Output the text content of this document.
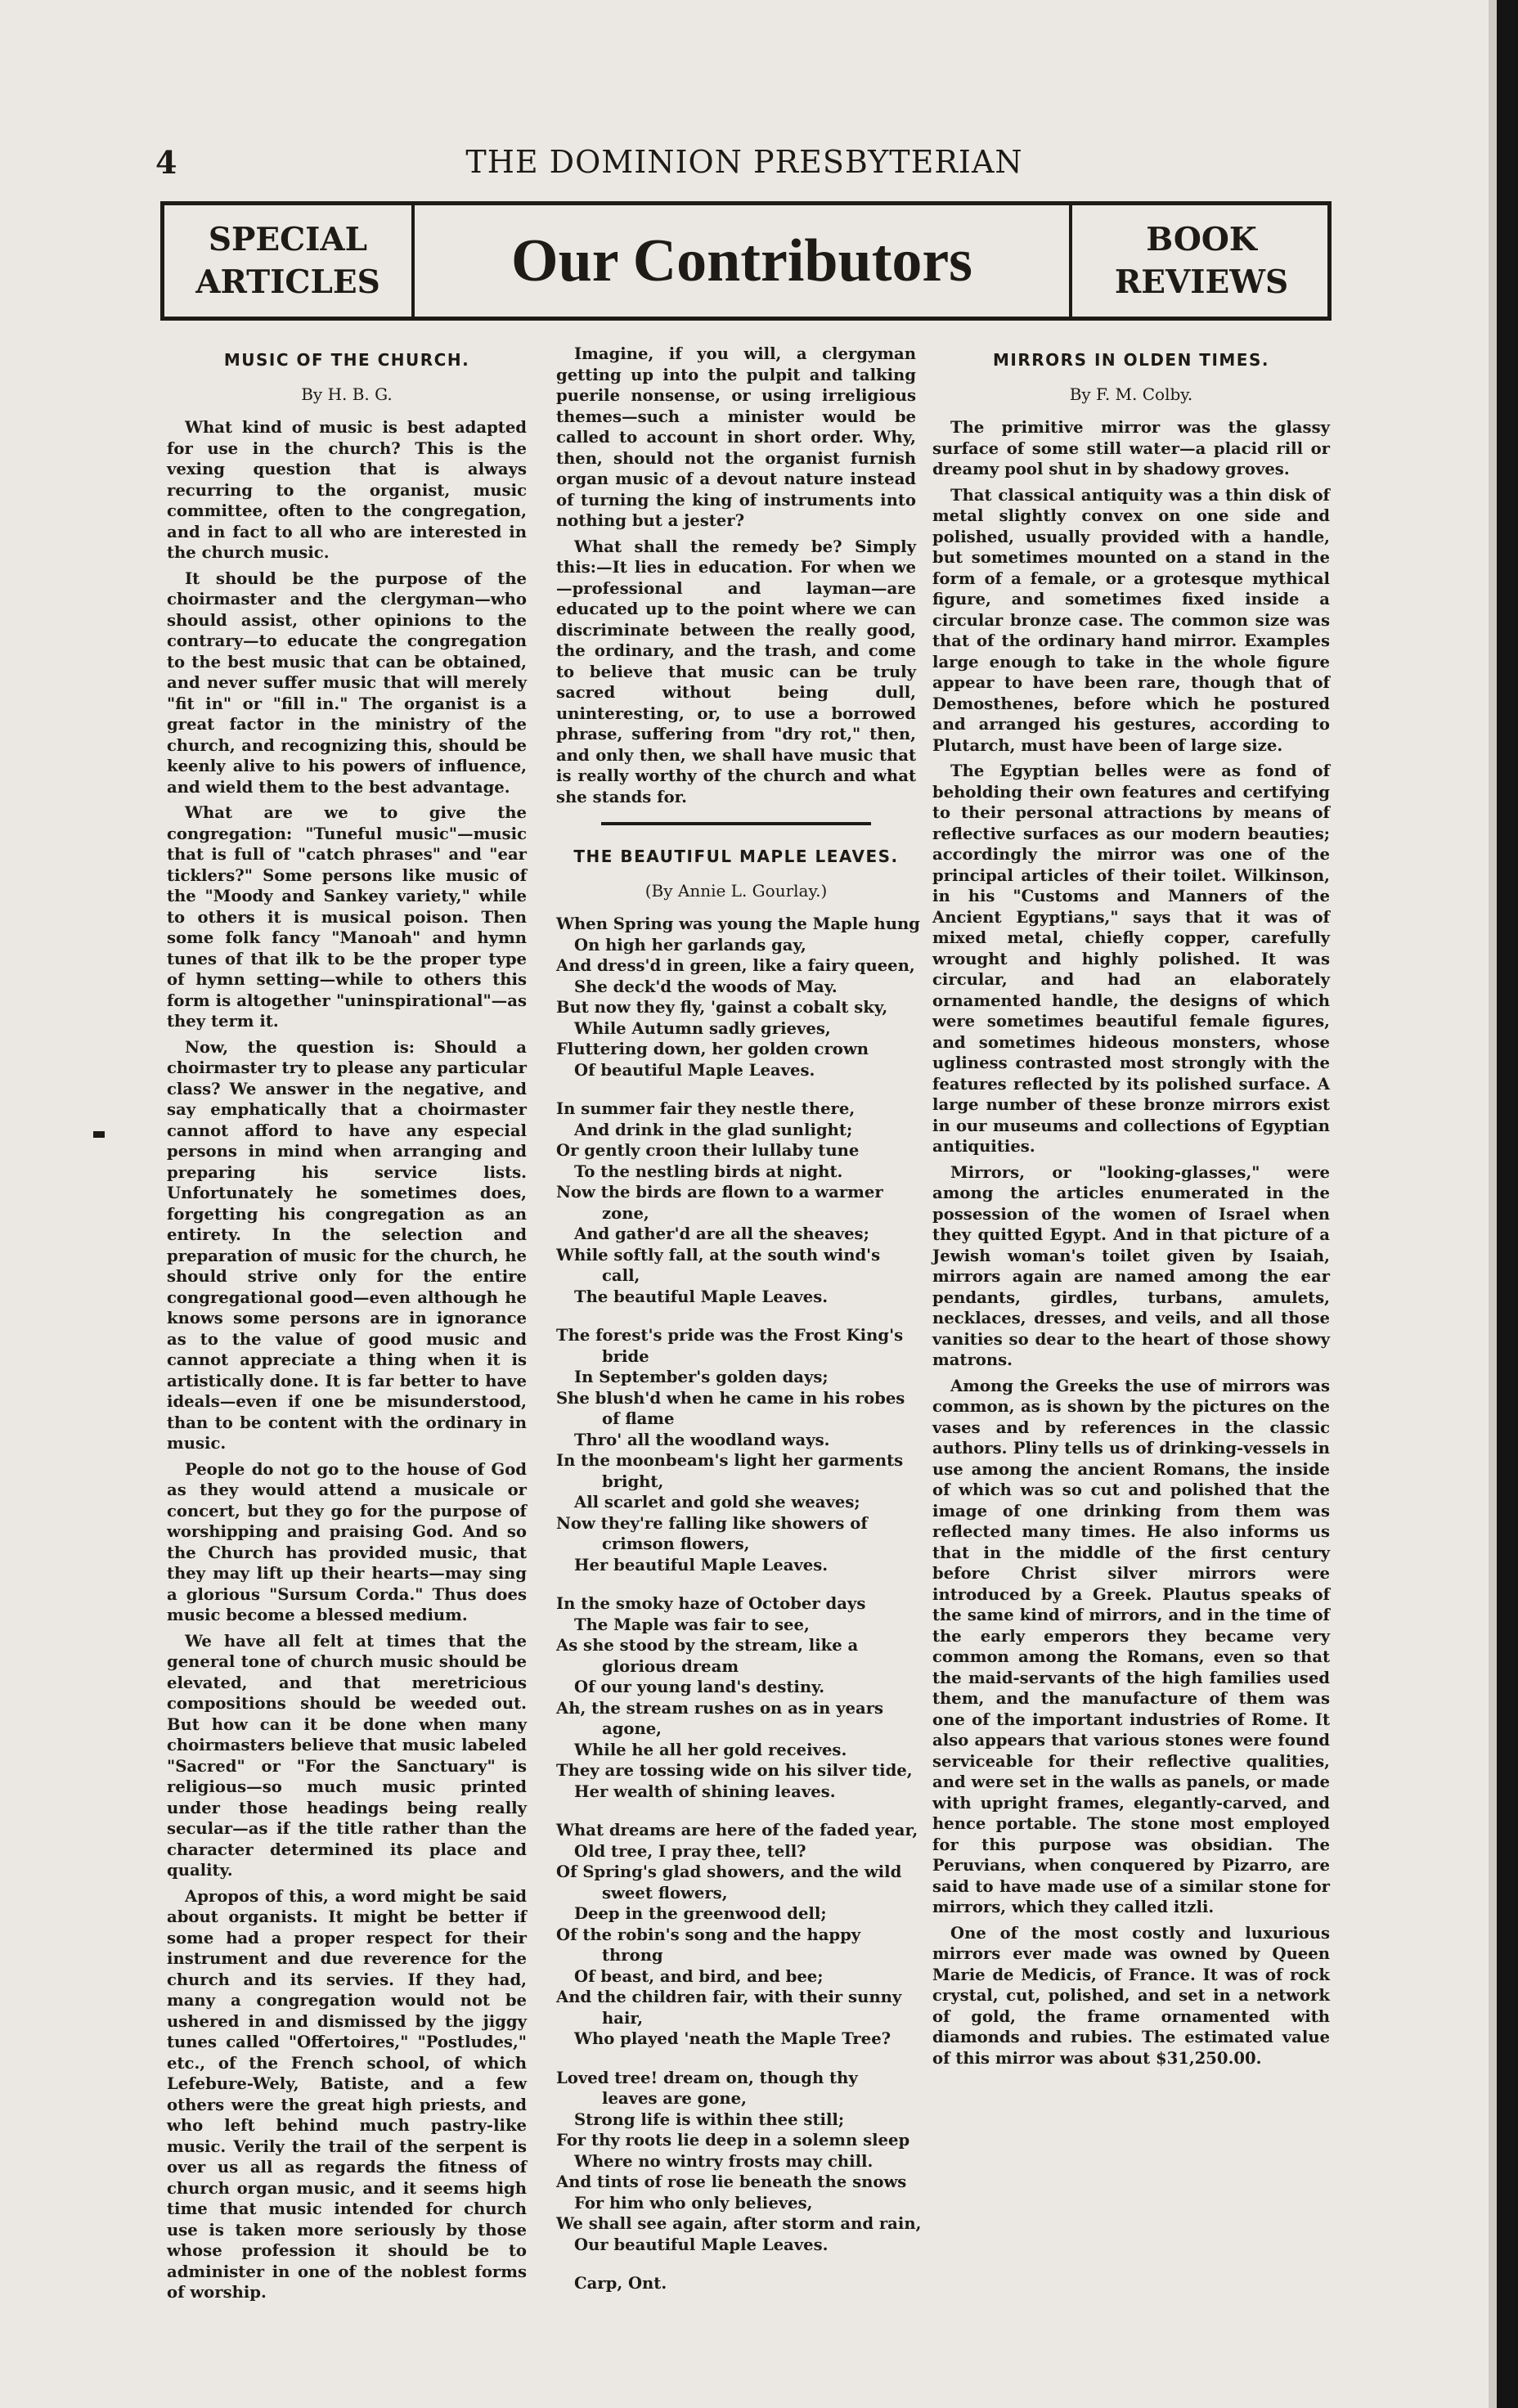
THE DOMINION PRESBYTERIAN
4
SPECIAL
ARTICLES	Our Contributors	BOOK
REVIEWS
MUSIC OF THE CHURCH.
By H. B. G.

What kind of music is best adapted for use in the church? This is the vexing question that is always recurring to the organist, music committee, often to the congregation, and in fact to all who are interested in the church music.

It should be the purpose of the choirmaster and the clergyman—who should assist, other opinions to the contrary—to educate the congregation to the best music that can be obtained, and never suffer music that will merely "fit in" or "fill in." The organist is a great factor in the ministry of the church, and recognizing this, should be keenly alive to his powers of influence, and wield them to the best advantage.

What are we to give the congregation: "Tuneful music"—music that is full of "catch phrases" and "ear ticklers?" Some persons like music of the "Moody and Sankey variety," while to others it is musical poison. Then some folk fancy "Manoah" and hymn tunes of that ilk to be the proper type of hymn setting—while to others this form is altogether "uninspirational"—as they term it.

Now, the question is: Should a choirmaster try to please any particular class? We answer in the negative, and say emphatically that a choirmaster cannot afford to have any especial persons in mind when arranging and preparing his service lists. Unfortunately he sometimes does, forgetting his congregation as an entirety. In the selection and preparation of music for the church, he should strive only for the entire congregational good—even although he knows some persons are in ignorance as to the value of good music and cannot appreciate a thing when it is artistically done. It is far better to have ideals—even if one be misunderstood, than to be content with the ordinary in music.

People do not go to the house of God as they would attend a musicale or concert, but they go for the purpose of worshipping and praising God. And so the Church has provided music, that they may lift up their hearts—may sing a glorious "Sursum Corda." Thus does music become a blessed medium.

We have all felt at times that the general tone of church music should be elevated, and that meretricious compositions should be weeded out. But how can it be done when many choirmasters believe that music labeled "Sacred" or "For the Sanctuary" is religious—so much music printed under those headings being really secular—as if the title rather than the character determined its place and quality.

Apropos of this, a word might be said about organists. It might be better if some had a proper respect for their instrument and due reverence for the church and its servies. If they had, many a congregation would not be ushered in and dismissed by the jiggy tunes called "Offertoires," "Postludes," etc., of the French school, of which Lefebure-Wely, Batiste, and a few others were the great high priests, and who left behind much pastry-like music. Verily the trail of the serpent is over us all as regards the fitness of church organ music, and it seems high time that music intended for church use is taken more seriously by those whose profession it should be to administer in one of the noblest forms of worship.

Imagine, if you will, a clergyman getting up into the pulpit and talking puerile nonsense, or using irreligious themes—such a minister would be called to account in short order. Why, then, should not the organist furnish organ music of a devout nature instead of turning the king of instruments into nothing but a jester?

What shall the remedy be? Simply this:—It lies in education. For when we—professional and layman—are educated up to the point where we can discriminate between the really good, the ordinary, and the trash, and come to believe that music can be truly sacred without being dull, uninteresting, or, to use a borrowed phrase, suffering from "dry rot," then, and only then, we shall have music that is really worthy of the church and what she stands for.

THE BEAUTIFUL MAPLE LEAVES.
(By Annie L. Gourlay.)
When Spring was young the Maple hung
On high her garlands gay,
And dress'd in green, like a fairy queen,
She deck'd the woods of May.
But now they fly, 'gainst a cobalt sky,
While Autumn sadly grieves,
Fluttering down, her golden crown
Of beautiful Maple Leaves.
In summer fair they nestle there,
And drink in the glad sunlight;
Or gently croon their lullaby tune
To the nestling birds at night.
Now the birds are flown to a warmer
zone,
And gather'd are all the sheaves;
While softly fall, at the south wind's
call,
The beautiful Maple Leaves.
The forest's pride was the Frost King's
bride
In September's golden days;
She blush'd when he came in his robes
of flame
Thro' all the woodland ways.
In the moonbeam's light her garments
bright,
All scarlet and gold she weaves;
Now they're falling like showers of
crimson flowers,
Her beautiful Maple Leaves.
In the smoky haze of October days
The Maple was fair to see,
As she stood by the stream, like a
glorious dream
Of our young land's destiny.
Ah, the stream rushes on as in years
agone,
While he all her gold receives.
They are tossing wide on his silver tide,
Her wealth of shining leaves.
What dreams are here of the faded year,
Old tree, I pray thee, tell?
Of Spring's glad showers, and the wild
sweet flowers,
Deep in the greenwood dell;
Of the robin's song and the happy
throng
Of beast, and bird, and bee;
And the children fair, with their sunny
hair,
Who played 'neath the Maple Tree?
Loved tree! dream on, though thy
leaves are gone,
Strong life is within thee still;
For thy roots lie deep in a solemn sleep
Where no wintry frosts may chill.
And tints of rose lie beneath the snows
For him who only believes,
We shall see again, after storm and rain,
Our beautiful Maple Leaves.
Carp, Ont.
MIRRORS IN OLDEN TIMES.
By F. M. Colby.

The primitive mirror was the glassy surface of some still water—a placid rill or dreamy pool shut in by shadowy groves.

That classical antiquity was a thin disk of metal slightly convex on one side and polished, usually provided with a handle, but sometimes mounted on a stand in the form of a female, or a grotesque mythical figure, and sometimes fixed inside a circular bronze case. The common size was that of the ordinary hand mirror. Examples large enough to take in the whole figure appear to have been rare, though that of Demosthenes, before which he postured and arranged his gestures, according to Plutarch, must have been of large size.

The Egyptian belles were as fond of beholding their own features and certifying to their personal attractions by means of reflective surfaces as our modern beauties; accordingly the mirror was one of the principal articles of their toilet. Wilkinson, in his "Customs and Manners of the Ancient Egyptians," says that it was of mixed metal, chiefly copper, carefully wrought and highly polished. It was circular, and had an elaborately ornamented handle, the designs of which were sometimes beautiful female figures, and sometimes hideous monsters, whose ugliness contrasted most strongly with the features reflected by its polished surface. A large number of these bronze mirrors exist in our museums and collections of Egyptian antiquities.

Mirrors, or "looking-glasses," were among the articles enumerated in the possession of the women of Israel when they quitted Egypt. And in that picture of a Jewish woman's toilet given by Isaiah, mirrors again are named among the ear pendants, girdles, turbans, amulets, necklaces, dresses, and veils, and all those vanities so dear to the heart of those showy matrons.

Among the Greeks the use of mirrors was common, as is shown by the pictures on the vases and by references in the classic authors. Pliny tells us of drinking-vessels in use among the ancient Romans, the inside of which was so cut and polished that the image of one drinking from them was reflected many times. He also informs us that in the middle of the first century before Christ silver mirrors were introduced by a Greek. Plautus speaks of the same kind of mirrors, and in the time of the early emperors they became very common among the Romans, even so that the maid-servants of the high families used them, and the manufacture of them was one of the important industries of Rome. It also appears that various stones were found serviceable for their reflective qualities, and were set in the walls as panels, or made with upright frames, elegantly-carved, and hence portable. The stone most employed for this purpose was obsidian. The Peruvians, when conquered by Pizarro, are said to have made use of a similar stone for mirrors, which they called itzli.

One of the most costly and luxurious mirrors ever made was owned by Queen Marie de Medicis, of France. It was of rock crystal, cut, polished, and set in a network of gold, the frame ornamented with diamonds and rubies. The estimated value of this mirror was about $31,250.00.
